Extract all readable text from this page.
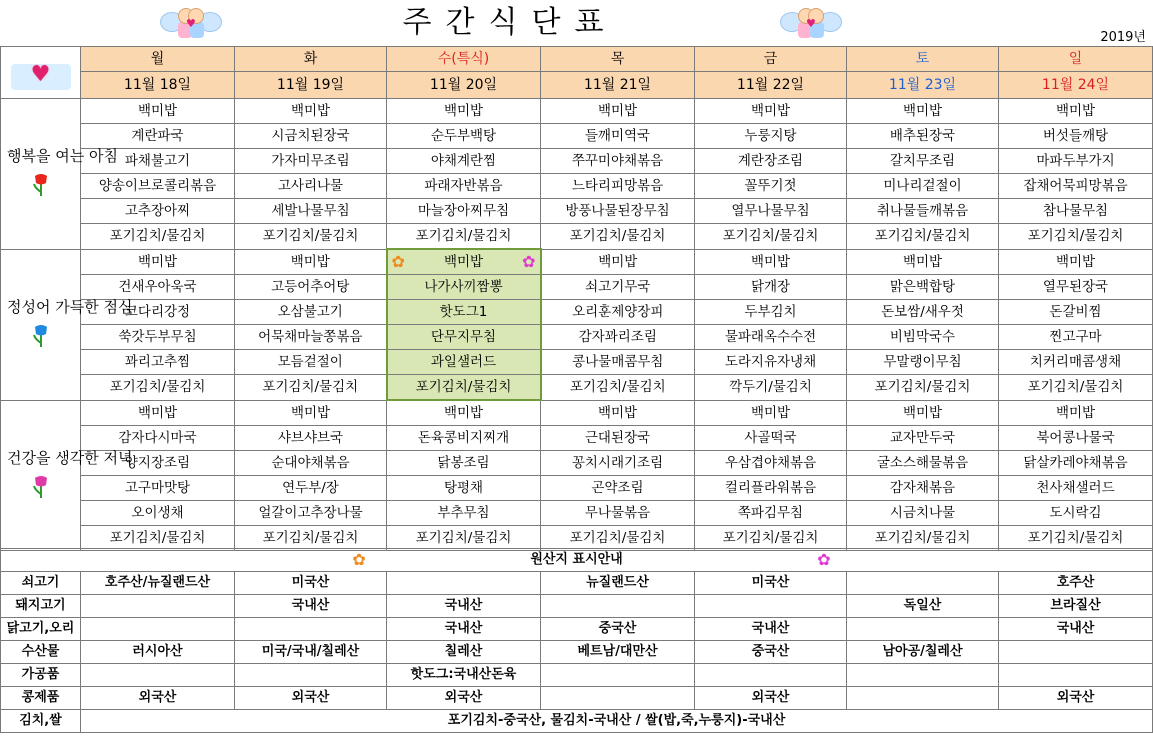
♥	주간식단표	♥
2019년
♥	월	화	수(특식)	목	금	토	일
	11월 18일	11월 19일	11월 20일	11월 21일	11월 22일	11월 23일	11월 24일

행복을 여는 아침	백미밥	백미밥	백미밥	백미밥	백미밥	백미밥	백미밥
	계란파국	시금치된장국	순두부백탕	들깨미역국	누룽지탕	배추된장국	버섯들깨탕
	파채불고기	가자미무조림	야채계란찜	쭈꾸미야채볶음	계란장조림	갈치무조림	마파두부가지
	양송이브로콜리볶음	고사리나물	파래자반볶음	느타리피망볶음	꼴뚜기젓	미나리겉절이	잡채어묵피망볶음
	고추장아찌	세발나물무침	마늘장아찌무침	방풍나물된장무침	열무나물무침	취나물들깨볶음	참나물무침
	포기김치/물김치	포기김치/물김치	포기김치/물김치	포기김치/물김치	포기김치/물김치	포기김치/물김치	포기김치/물김치

정성어 가득한 점심	백미밥	백미밥	✿ 백미밥 ✿	백미밥	백미밥	백미밥	백미밥
	건새우아욱국	고등어추어탕	나가사끼짬뽕	쇠고기무국	닭개장	맑은백합탕	열무된장국
	코다리강정	오삼불고기	핫도그1	오리훈제양장피	두부김치	돈보쌈/새우젓	돈갈비찜
	쑥갓두부무침	어묵채마늘쫑볶음	단무지무침	감자꽈리조림	물파래옥수수전	비빔막국수	찐고구마
	꽈리고추찜	모듬겉절이	과일샐러드	콩나물매콤무침	도라지유자냉채	무말랭이무침	치커리매콤생채
	포기김치/물김치	포기김치/물김치	포기김치/물김치	포기김치/물김치	깍두기/물김치	포기김치/물김치	포기김치/물김치

건강을 생각한 저녁	백미밥	백미밥	백미밥	백미밥	백미밥	백미밥	백미밥
	감자다시마국	샤브샤브국	돈육콩비지찌개	근대된장국	사골떡국	교자만두국	북어콩나물국
	양지장조림	순대야채볶음	닭봉조림	꽁치시래기조림	우삼겹야채볶음	굴소스해물볶음	닭살카레야채볶음
	고구마맛탕	연두부/장	탕평채	곤약조림	컬리플라워볶음	감자채볶음	천사채샐러드
	오이생채	얼갈이고추장나물	부추무침	무나물볶음	쪽파김무침	시금치나물	도시락김
	포기김치/물김치	포기김치/물김치	포기김치/물김치	포기김치/물김치	포기김치/물김치	포기김치/물김치	포기김치/물김치
✿ 원산지 표시안내 ✿							
쇠고기	호주산/뉴질랜드산	미국산		뉴질랜드산	미국산		호주산
돼지고기		국내산	국내산			독일산	브라질산
닭고기,오리			국내산	중국산	국내산		국내산
수산물	러시아산	미국/국내/칠레산	칠레산	베트남/대만산	중국산	남아공/칠레산	
가공품			핫도그:국내산돈육				
콩제품	외국산	외국산	외국산		외국산		외국산
김치,쌀	포기김치-중국산, 물김치-국내산 / 쌀(밥,죽,누룽지)-국내산						
